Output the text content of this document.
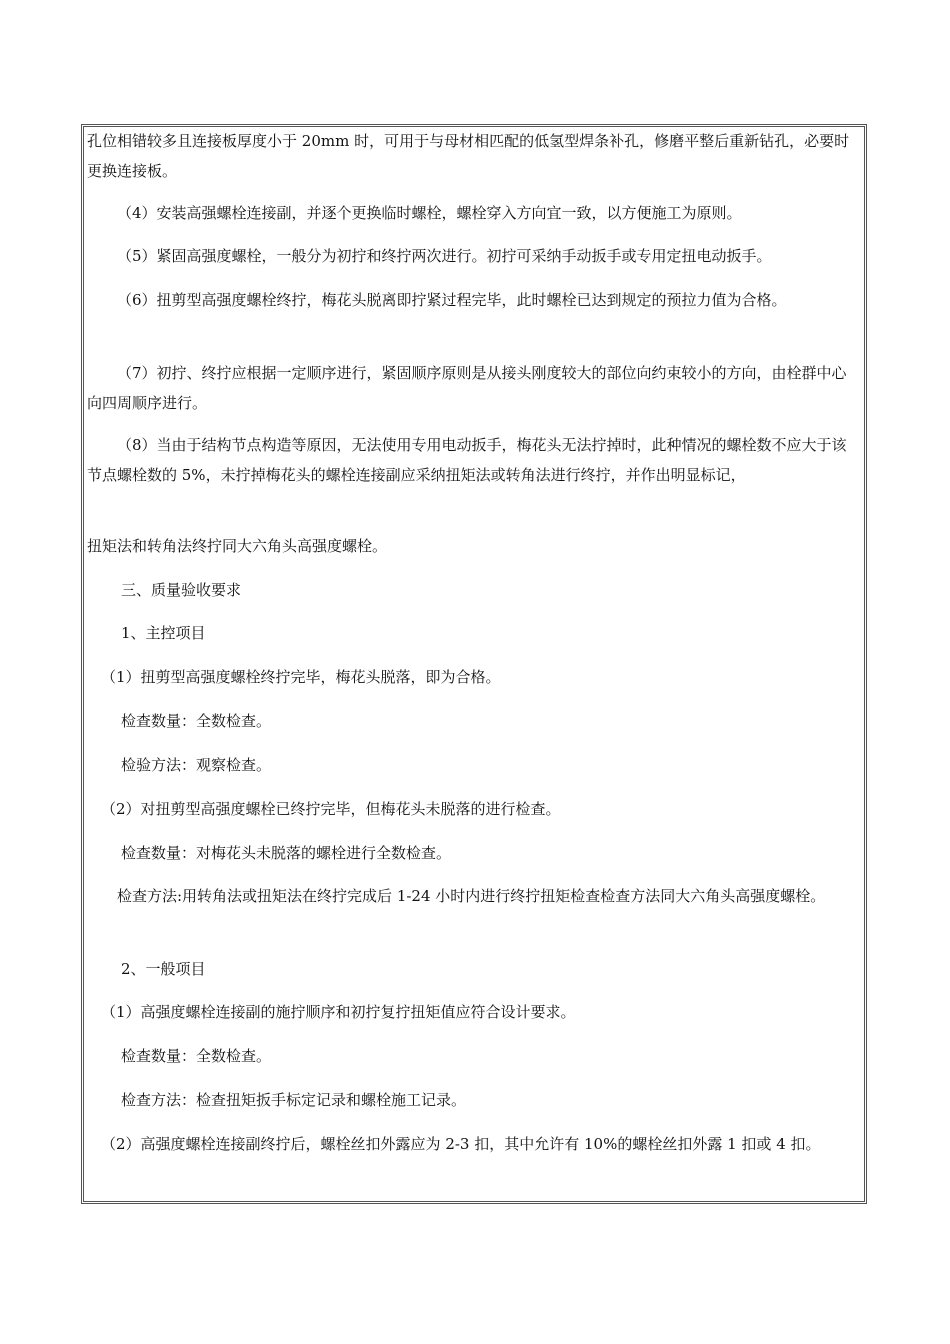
孔位相错较多且连接板厚度小于 20mm 时，可用于与母材相匹配的低氢型焊条补孔，修磨平整后重新钻孔，必要时更换连接板。

（4）安装高强螺栓连接副，并逐个更换临时螺栓，螺栓穿入方向宜一致，以方便施工为原则。

（5）紧固高强度螺栓，一般分为初拧和终拧两次进行。初拧可采纳手动扳手或专用定扭电动扳手。

（6）扭剪型高强度螺栓终拧，梅花头脱离即拧紧过程完毕，此时螺栓已达到规定的预拉力值为合格。

（7）初拧、终拧应根据一定顺序进行，紧固顺序原则是从接头刚度较大的部位向约束较小的方向，由栓群中心向四周顺序进行。

（8）当由于结构节点构造等原因，无法使用专用电动扳手，梅花头无法拧掉时，此种情况的螺栓数不应大于该节点螺栓数的 5%，未拧掉梅花头的螺栓连接副应采纳扭矩法或转角法进行终拧，并作出明显标记，

扭矩法和转角法终拧同大六角头高强度螺栓。

三、质量验收要求

1、主控项目

（1）扭剪型高强度螺栓终拧完毕，梅花头脱落，即为合格。

检查数量：全数检查。

检验方法：观察检查。

（2）对扭剪型高强度螺栓已终拧完毕，但梅花头未脱落的进行检查。

检查数量：对梅花头未脱落的螺栓进行全数检查。

检查方法:用转角法或扭矩法在终拧完成后 1-24 小时内进行终拧扭矩检查检查方法同大六角头高强度螺栓。

2、一般项目

（1）高强度螺栓连接副的施拧顺序和初拧复拧扭矩值应符合设计要求。

检查数量：全数检查。

检查方法：检查扭矩扳手标定记录和螺栓施工记录。

（2）高强度螺栓连接副终拧后，螺栓丝扣外露应为 2-3 扣，其中允许有 10%的螺栓丝扣外露 1 扣或 4 扣。
